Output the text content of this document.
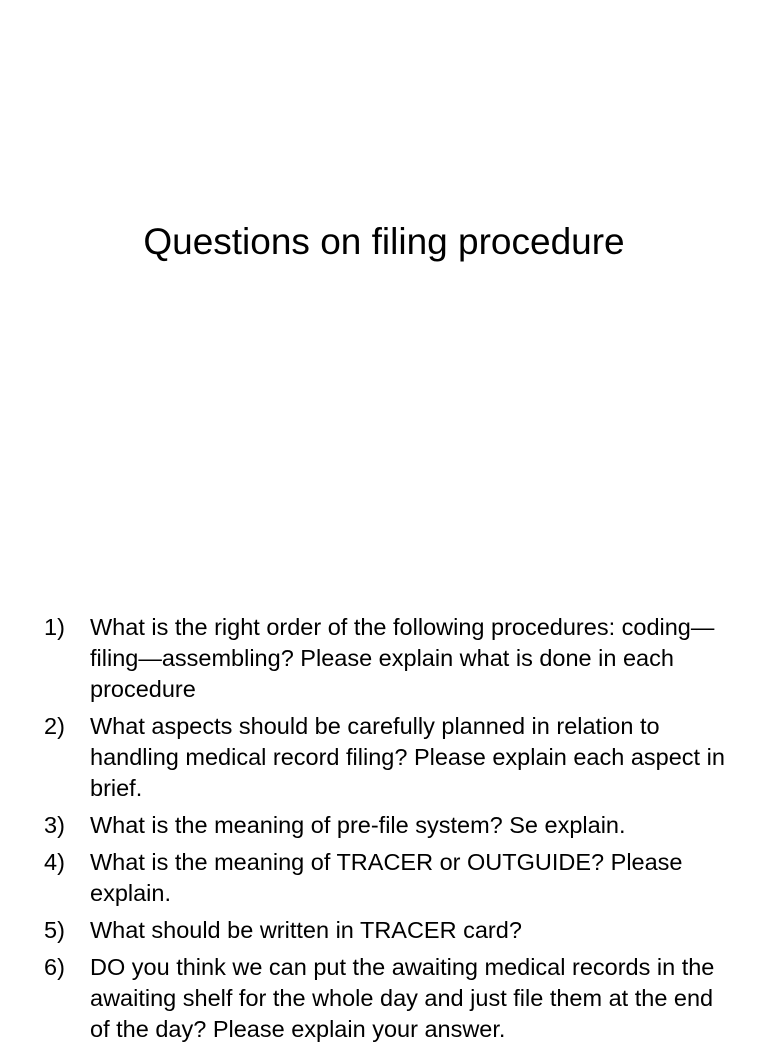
Questions on filing procedure
1)	What is the right order of the following procedures: coding—filing—assembling? Please explain what is done in each procedure
2)	What aspects should be carefully planned in relation to handling medical record filing? Please explain each aspect in brief.
3)	What is the meaning of pre-file system? Se explain.
4)	What is the meaning of TRACER or OUTGUIDE? Please explain.
5)	What should be written in TRACER card?
6)	DO you think we can put the awaiting medical records in the awaiting shelf for the whole day and just file them at the end of the day? Please explain your answer.
